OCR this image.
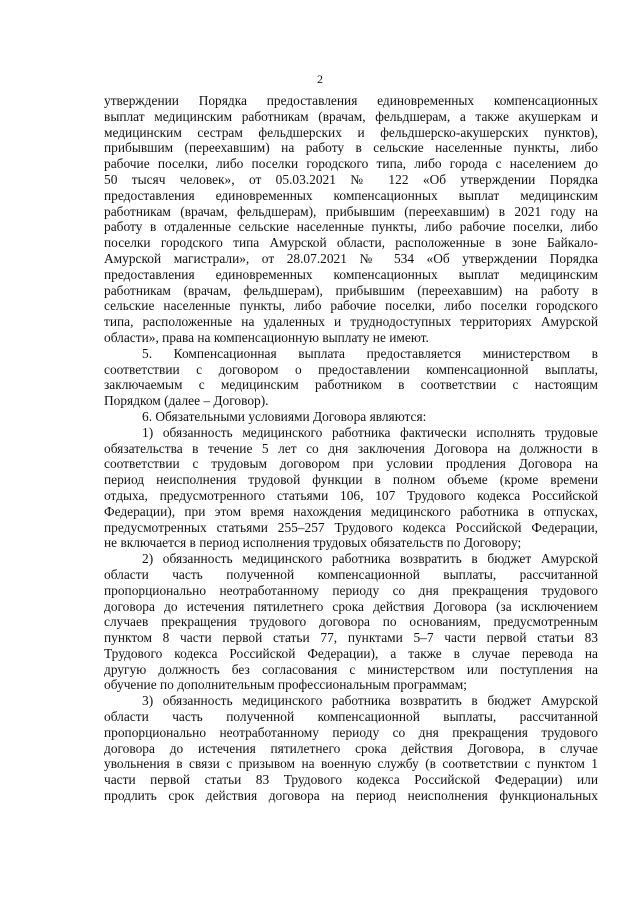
2
утверждении Порядка предоставления единовременных компенсационных
выплат медицинским работникам (врачам, фельдшерам, а также акушеркам и
медицинским сестрам фельдшерских и фельдшерско-акушерских пунктов),
прибывшим (переехавшим) на работу в сельские населенные пункты, либо
рабочие поселки, либо поселки городского типа, либо города с населением до
50 тысяч человек», от 05.03.2021 № 122 «Об утверждении Порядка
предоставления единовременных компенсационных выплат медицинским
работникам (врачам, фельдшерам), прибывшим (переехавшим) в 2021 году на
работу в отдаленные сельские населенные пункты, либо рабочие поселки, либо
поселки городского типа Амурской области, расположенные в зоне Байкало-
Амурской магистрали», от 28.07.2021 № 534 «Об утверждении Порядка
предоставления единовременных компенсационных выплат медицинским
работникам (врачам, фельдшерам), прибывшим (переехавшим) на работу в
сельские населенные пункты, либо рабочие поселки, либо поселки городского
типа, расположенные на удаленных и труднодоступных территориях Амурской
области», права на компенсационную выплату не имеют.
5. Компенсационная выплата предоставляется министерством в
соответствии с договором о предоставлении компенсационной выплаты,
заключаемым с медицинским работником в соответствии с настоящим
Порядком (далее – Договор).
6. Обязательными условиями Договора являются:
1) обязанность медицинского работника фактически исполнять трудовые
обязательства в течение 5 лет со дня заключения Договора на должности в
соответствии с трудовым договором при условии продления Договора на
период неисполнения трудовой функции в полном объеме (кроме времени
отдыха, предусмотренного статьями 106, 107 Трудового кодекса Российской
Федерации), при этом время нахождения медицинского работника в отпусках,
предусмотренных статьями 255–257 Трудового кодекса Российской Федерации,
не включается в период исполнения трудовых обязательств по Договору;
2) обязанность медицинского работника возвратить в бюджет Амурской
области часть полученной компенсационной выплаты, рассчитанной
пропорционально неотработанному периоду со дня прекращения трудового
договора до истечения пятилетнего срока действия Договора (за исключением
случаев прекращения трудового договора по основаниям, предусмотренным
пунктом 8 части первой статьи 77, пунктами 5–7 части первой статьи 83
Трудового кодекса Российской Федерации), а также в случае перевода на
другую должность без согласования с министерством или поступления на
обучение по дополнительным профессиональным программам;
3) обязанность медицинского работника возвратить в бюджет Амурской
области часть полученной компенсационной выплаты, рассчитанной
пропорционально неотработанному периоду со дня прекращения трудового
договора до истечения пятилетнего срока действия Договора, в случае
увольнения в связи с призывом на военную службу (в соответствии с пунктом 1
части первой статьи 83 Трудового кодекса Российской Федерации) или
продлить срок действия договора на период неисполнения функциональных
